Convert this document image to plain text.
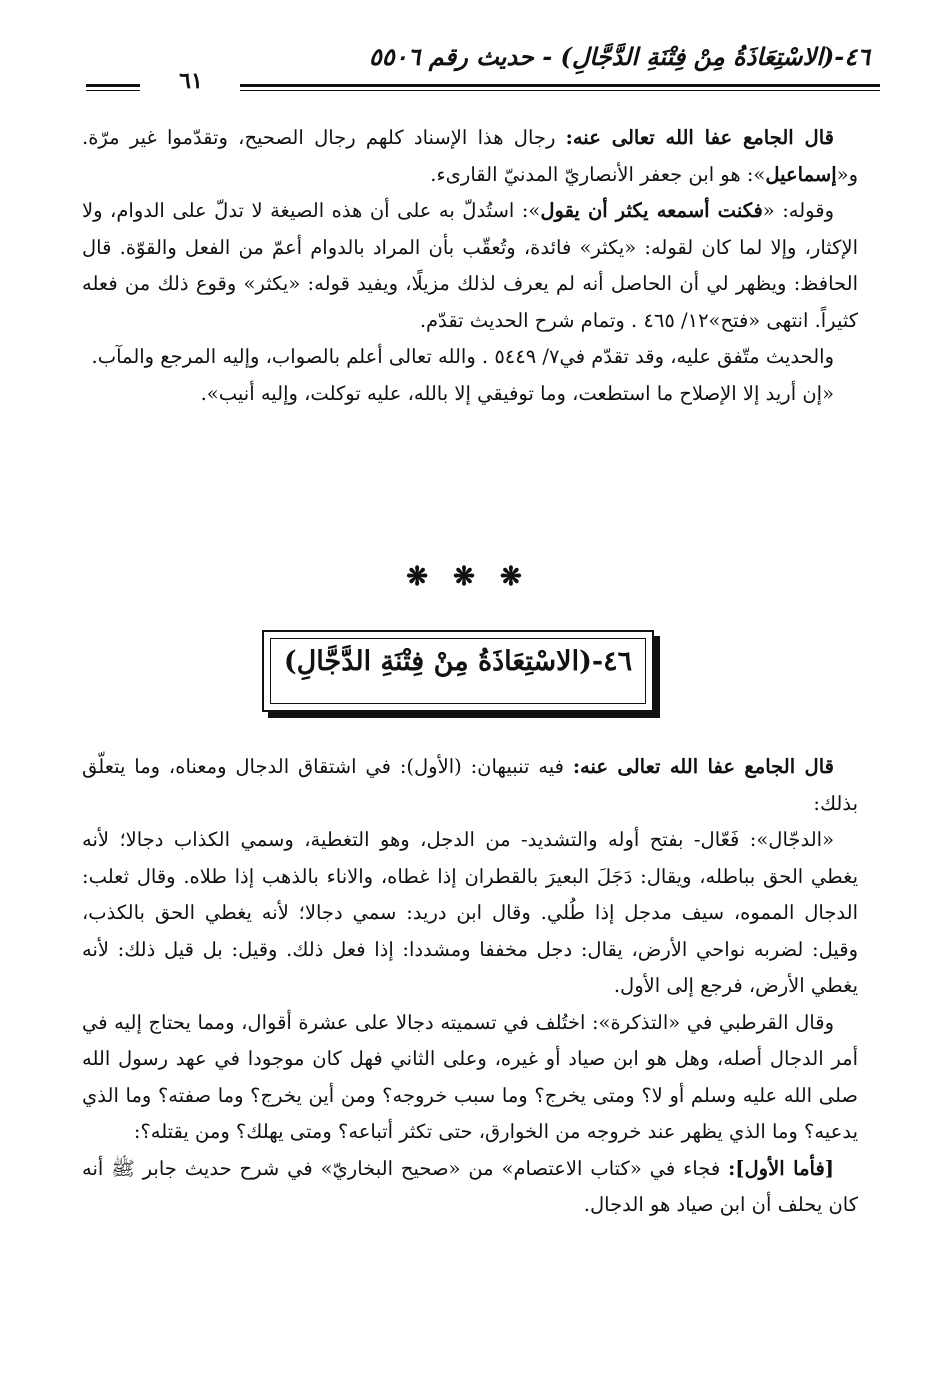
٤٦-(الاسْتِعَاذَةُ مِنْ فِتْنَةِ الدَّجَّالِ) - حديث رقم ٥٥٠٦
٦١

قال الجامع عفا الله تعالى عنه: رجال هذا الإسناد كلهم رجال الصحيح، وتقدّموا غير مرّة. و«إسماعيل»: هو ابن جعفر الأنصاريّ المدنيّ القارىء.

وقوله: «فكنت أسمعه يكثر أن يقول»: استُدلّ به على أن هذه الصيغة لا تدلّ على الدوام، ولا الإكثار، وإلا لما كان لقوله: «يكثر» فائدة، وتُعقّب بأن المراد بالدوام أعمّ من الفعل والقوّة. قال الحافظ: ويظهر لي أن الحاصل أنه لم يعرف لذلك مزيلًا، ويفيد قوله: «يكثر» وقوع ذلك من فعله كثيراً. انتهى «فتح»١٢/ ٤٦٥ . وتمام شرح الحديث تقدّم.

والحديث متّفق عليه، وقد تقدّم في٧/ ٥٤٤٩ . والله تعالى أعلم بالصواب، وإليه المرجع والمآب.

«إن أريد إلا الإصلاح ما استطعت، وما توفيقي إلا بالله، عليه توكلت، وإليه أنيب».

❋ ❋ ❋
٤٦-(الاسْتِعَاذَةُ مِنْ فِتْنَةِ الدَّجَّالِ)

قال الجامع عفا الله تعالى عنه: فيه تنبيهان: (الأول): في اشتقاق الدجال ومعناه، وما يتعلّق بذلك:

«الدجّال»: فَعّال- بفتح أوله والتشديد- من الدجل، وهو التغطية، وسمي الكذاب دجالا؛ لأنه يغطي الحق بباطله، ويقال: دَجَلَ البعيرَ بالقطران إذا غطاه، والاناء بالذهب إذا طلاه. وقال ثعلب: الدجال المموه، سيف مدجل إذا طُلي. وقال ابن دريد: سمي دجالا؛ لأنه يغطي الحق بالكذب، وقيل: لضربه نواحي الأرض، يقال: دجل مخففا ومشددا: إذا فعل ذلك. وقيل: بل قيل ذلك: لأنه يغطي الأرض، فرجع إلى الأول.

وقال القرطبي في «التذكرة»: اختُلف في تسميته دجالا على عشرة أقوال، ومما يحتاج إليه في أمر الدجال أصله، وهل هو ابن صياد أو غيره، وعلى الثاني فهل كان موجودا في عهد رسول الله صلى الله عليه وسلم أو لا؟ ومتى يخرج؟ وما سبب خروجه؟ ومن أين يخرج؟ وما صفته؟ وما الذي يدعيه؟ وما الذي يظهر عند خروجه من الخوارق، حتى تكثر أتباعه؟ ومتى يهلك؟ ومن يقتله؟:

[فأما الأول]: فجاء في «كتاب الاعتصام» من «صحيح البخاريّ» في شرح حديث جابر ﷺ أنه كان يحلف أن ابن صياد هو الدجال.
